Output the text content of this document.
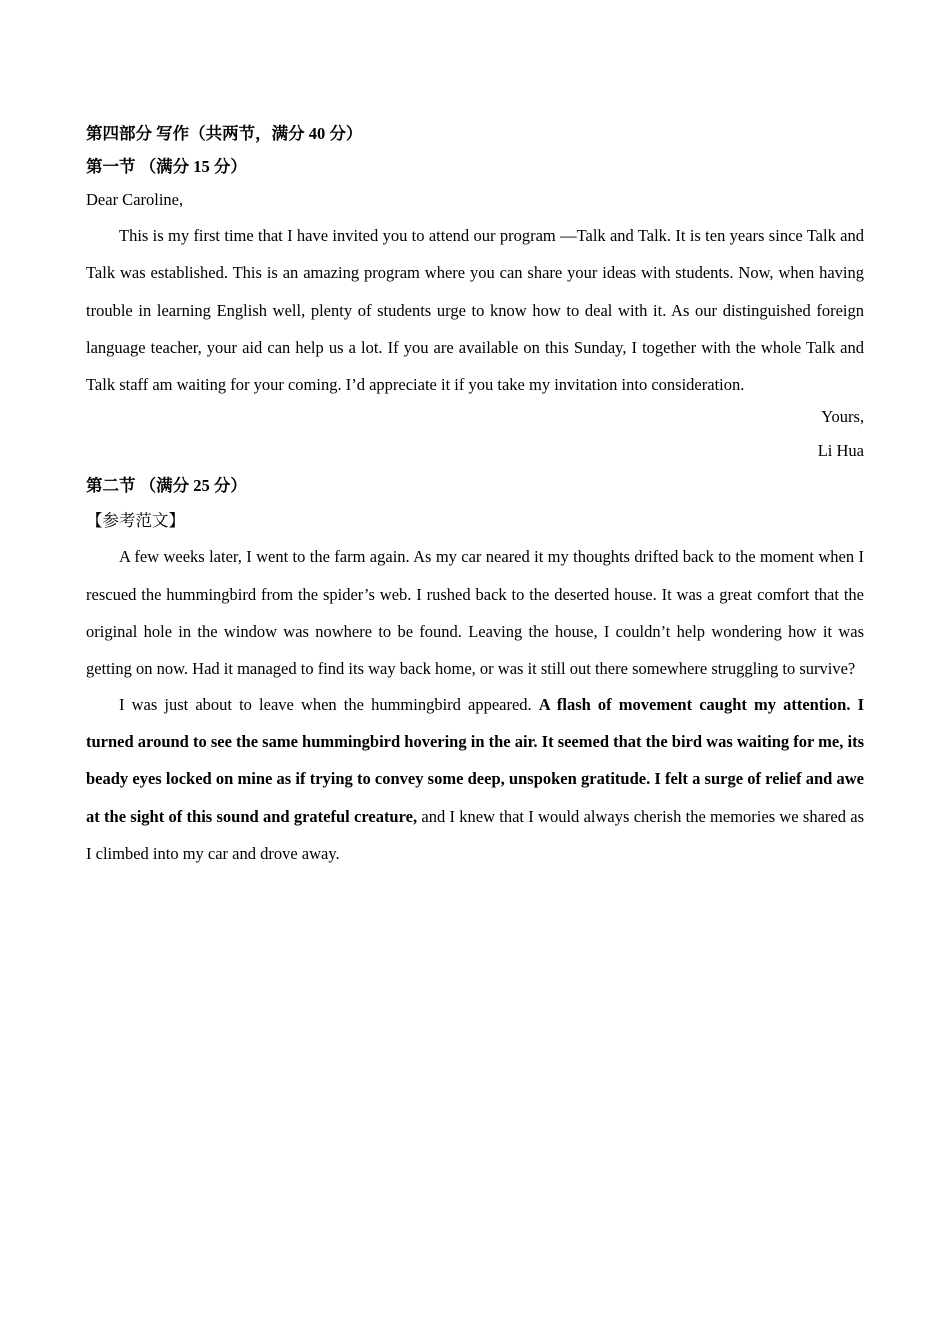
第四部分 写作（共两节，满分 40 分）

第一节 （满分 15 分）

Dear Caroline,

This is my first time that I have invited you to attend our program —Talk and Talk. It is ten years since Talk and Talk was established. This is an amazing program where you can share your ideas with students. Now, when having trouble in learning English well, plenty of students urge to know how to deal with it. As our distinguished foreign language teacher, your aid can help us a lot. If you are available on this Sunday, I together with the whole Talk and Talk staff am waiting for your coming. I’d appreciate it if you take my invitation into consideration.

Yours,

Li Hua

第二节 （满分 25 分）

【参考范文】

A few weeks later, I went to the farm again. As my car neared it my thoughts drifted back to the moment when I rescued the hummingbird from the spider’s web. I rushed back to the deserted house. It was a great comfort that the original hole in the window was nowhere to be found. Leaving the house, I couldn’t help wondering how it was getting on now. Had it managed to find its way back home, or was it still out there somewhere struggling to survive?

I was just about to leave when the hummingbird appeared. A flash of movement caught my attention. I turned around to see the same hummingbird hovering in the air. It seemed that the bird was waiting for me, its beady eyes locked on mine as if trying to convey some deep, unspoken gratitude. I felt a surge of relief and awe at the sight of this sound and grateful creature, and I knew that I would always cherish the memories we shared as I climbed into my car and drove away.
